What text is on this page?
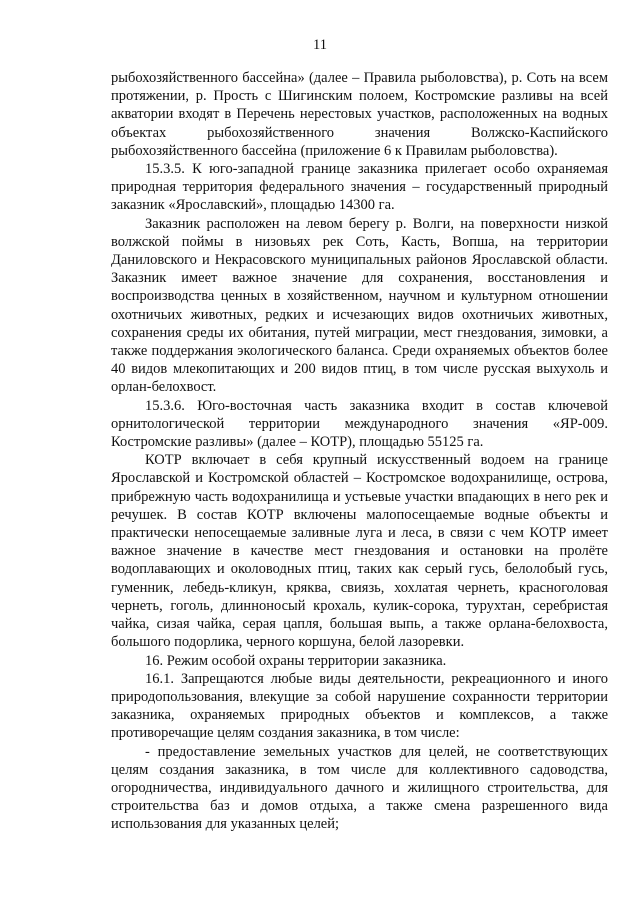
11

рыбохозяйственного бассейна» (далее – Правила рыболовства), р. Соть на всем протяжении, р. Прость с Шигинским полоем, Костромские разливы на всей акватории входят в Перечень нерестовых участков, расположенных на водных объектах рыбохозяйственного значения Волжско-Каспийского рыбохозяйственного бассейна (приложение 6 к Правилам рыболовства).

15.3.5. К юго-западной границе заказника прилегает особо охраняемая природная территория федерального значения – государственный природный заказник «Ярославский», площадью 14300 га.

Заказник расположен на левом берегу р. Волги, на поверхности низкой волжской поймы в низовьях рек Соть, Касть, Вопша, на территории Даниловского и Некрасовского муниципальных районов Ярославской области. Заказник имеет важное значение для сохранения, восстановления и воспроизводства ценных в хозяйственном, научном и культурном отношении охотничьих животных, редких и исчезающих видов охотничьих животных, сохранения среды их обитания, путей миграции, мест гнездования, зимовки, а также поддержания экологического баланса. Среди охраняемых объектов более 40 видов млекопитающих и 200 видов птиц, в том числе русская выхухоль и орлан-белохвост.

15.3.6. Юго-восточная часть заказника входит в состав ключевой орнитологической территории международного значения «ЯР-009. Костромские разливы» (далее – КОТР), площадью 55125 га.

КОТР включает в себя крупный искусственный водоем на границе Ярославской и Костромской областей – Костромское водохранилище, острова, прибрежную часть водохранилища и устьевые участки впадающих в него рек и речушек. В состав КОТР включены малопосещаемые водные объекты и практически непосещаемые заливные луга и леса, в связи с чем КОТР имеет важное значение в качестве мест гнездования и остановки на пролёте водоплавающих и околоводных птиц, таких как серый гусь, белолобый гусь, гуменник, лебедь-кликун, кряква, свиязь, хохлатая чернеть, красноголовая чернеть, гоголь, длинноносый крохаль, кулик-сорока, турухтан, серебристая чайка, сизая чайка, серая цапля, большая выпь, а также орлана-белохвоста, большого подорлика, черного коршуна, белой лазоревки.

16. Режим особой охраны территории заказника.

16.1. Запрещаются любые виды деятельности, рекреационного и иного природопользования, влекущие за собой нарушение сохранности территории заказника, охраняемых природных объектов и комплексов, а также противоречащие целям создания заказника, в том числе:

- предоставление земельных участков для целей, не соответствующих целям создания заказника, в том числе для коллективного садоводства, огородничества, индивидуального дачного и жилищного строительства, для строительства баз и домов отдыха, а также смена разрешенного вида использования для указанных целей;
